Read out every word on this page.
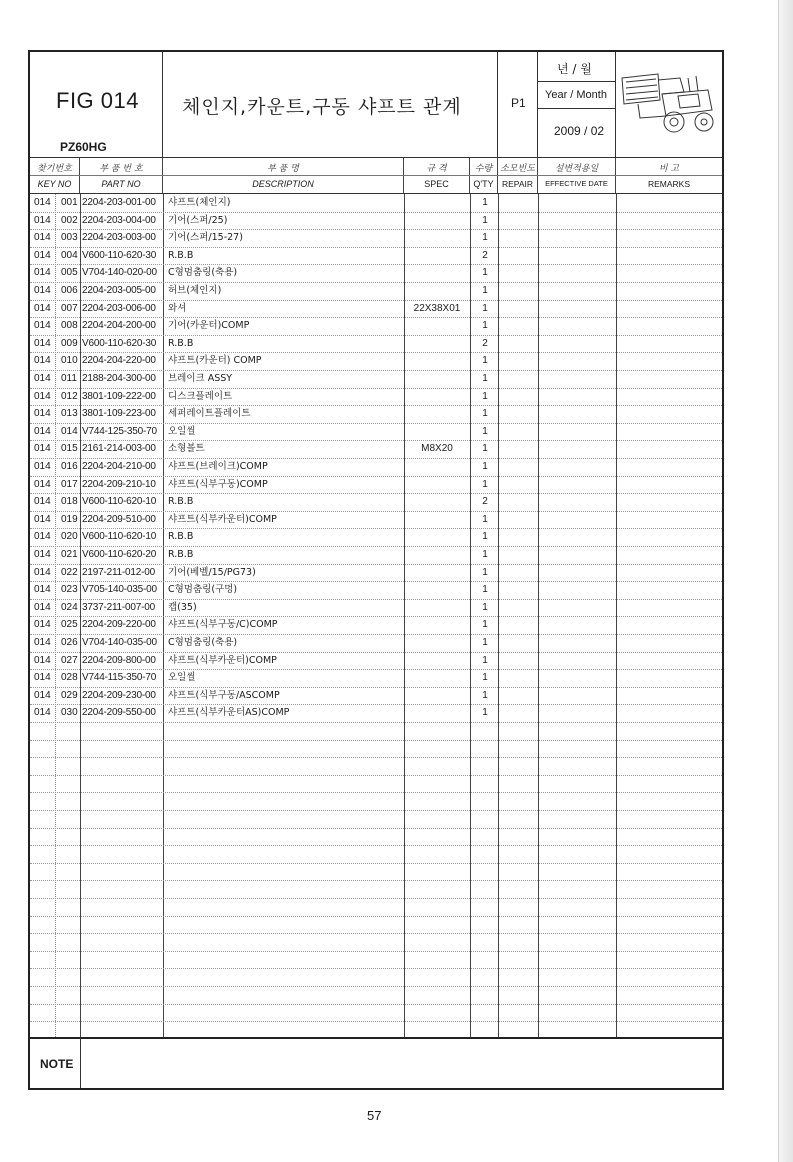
FIG 014
PZ60HG
체인지,카운트,구동 샤프트 관계	P1
년 / 월
Year / Month
2009 / 02
찾기번호
KEY NO
부 품 번 호
PART NO
부 품 명
DESCRIPTION
규 격
SPEC
수량
Q'TY
소모빈도
REPAIR
설변적용일
EFFECTIVE DATE
비 고
REMARKS
014 001 2204-203-001-00 샤프트(체인지)	1
014 002 2204-203-004-00 기어(스퍼/25)	1
014 003 2204-203-003-00 기어(스퍼/15-27)	1
014 004 V600-110-620-30 R.B.B	2
014 005 V704-140-020-00 C형멈춤링(축용)	1
014 006 2204-203-005-00 허브(체인지)	1
014 007 2204-203-006-00 와셔	22X38X01	1
014 008 2204-204-200-00 기어(카운터)COMP	1
014 009 V600-110-620-30 R.B.B	2
014 010 2204-204-220-00 샤프트(카운터) COMP	1
014 011 2188-204-300-00 브레이크 ASSY	1
014 012 3801-109-222-00 디스크플레이트	1
014 013 3801-109-223-00 세퍼레이트플레이트	1
014 014 V744-125-350-70 오일씰	1
014 015 2161-214-003-00 소형볼트	M8X20	1
014 016 2204-204-210-00 샤프트(브레이크)COMP	1
014 017 2204-209-210-10 샤프트(식부구동)COMP	1
014 018 V600-110-620-10 R.B.B	2
014 019 2204-209-510-00 샤프트(식부카운터)COMP	1
014 020 V600-110-620-10 R.B.B	1
014 021 V600-110-620-20 R.B.B	1
014 022 2197-211-012-00 기어(베벨/15/PG73)	1
014 023 V705-140-035-00 C형멈춤링(구멍)	1
014 024 3737-211-007-00 캡(35)	1
014 025 2204-209-220-00 샤프트(식부구동/C)COMP	1
014 026 V704-140-035-00 C형멈춤링(축용)	1
014 027 2204-209-800-00 샤프트(식부카운터)COMP	1
014 028 V744-115-350-70 오일씰	1
014 029 2204-209-230-00 샤프트(식부구동/ASCOMP	1
014 030 2204-209-550-00 샤프트(식부카운터AS)COMP	1
NOTE
57
